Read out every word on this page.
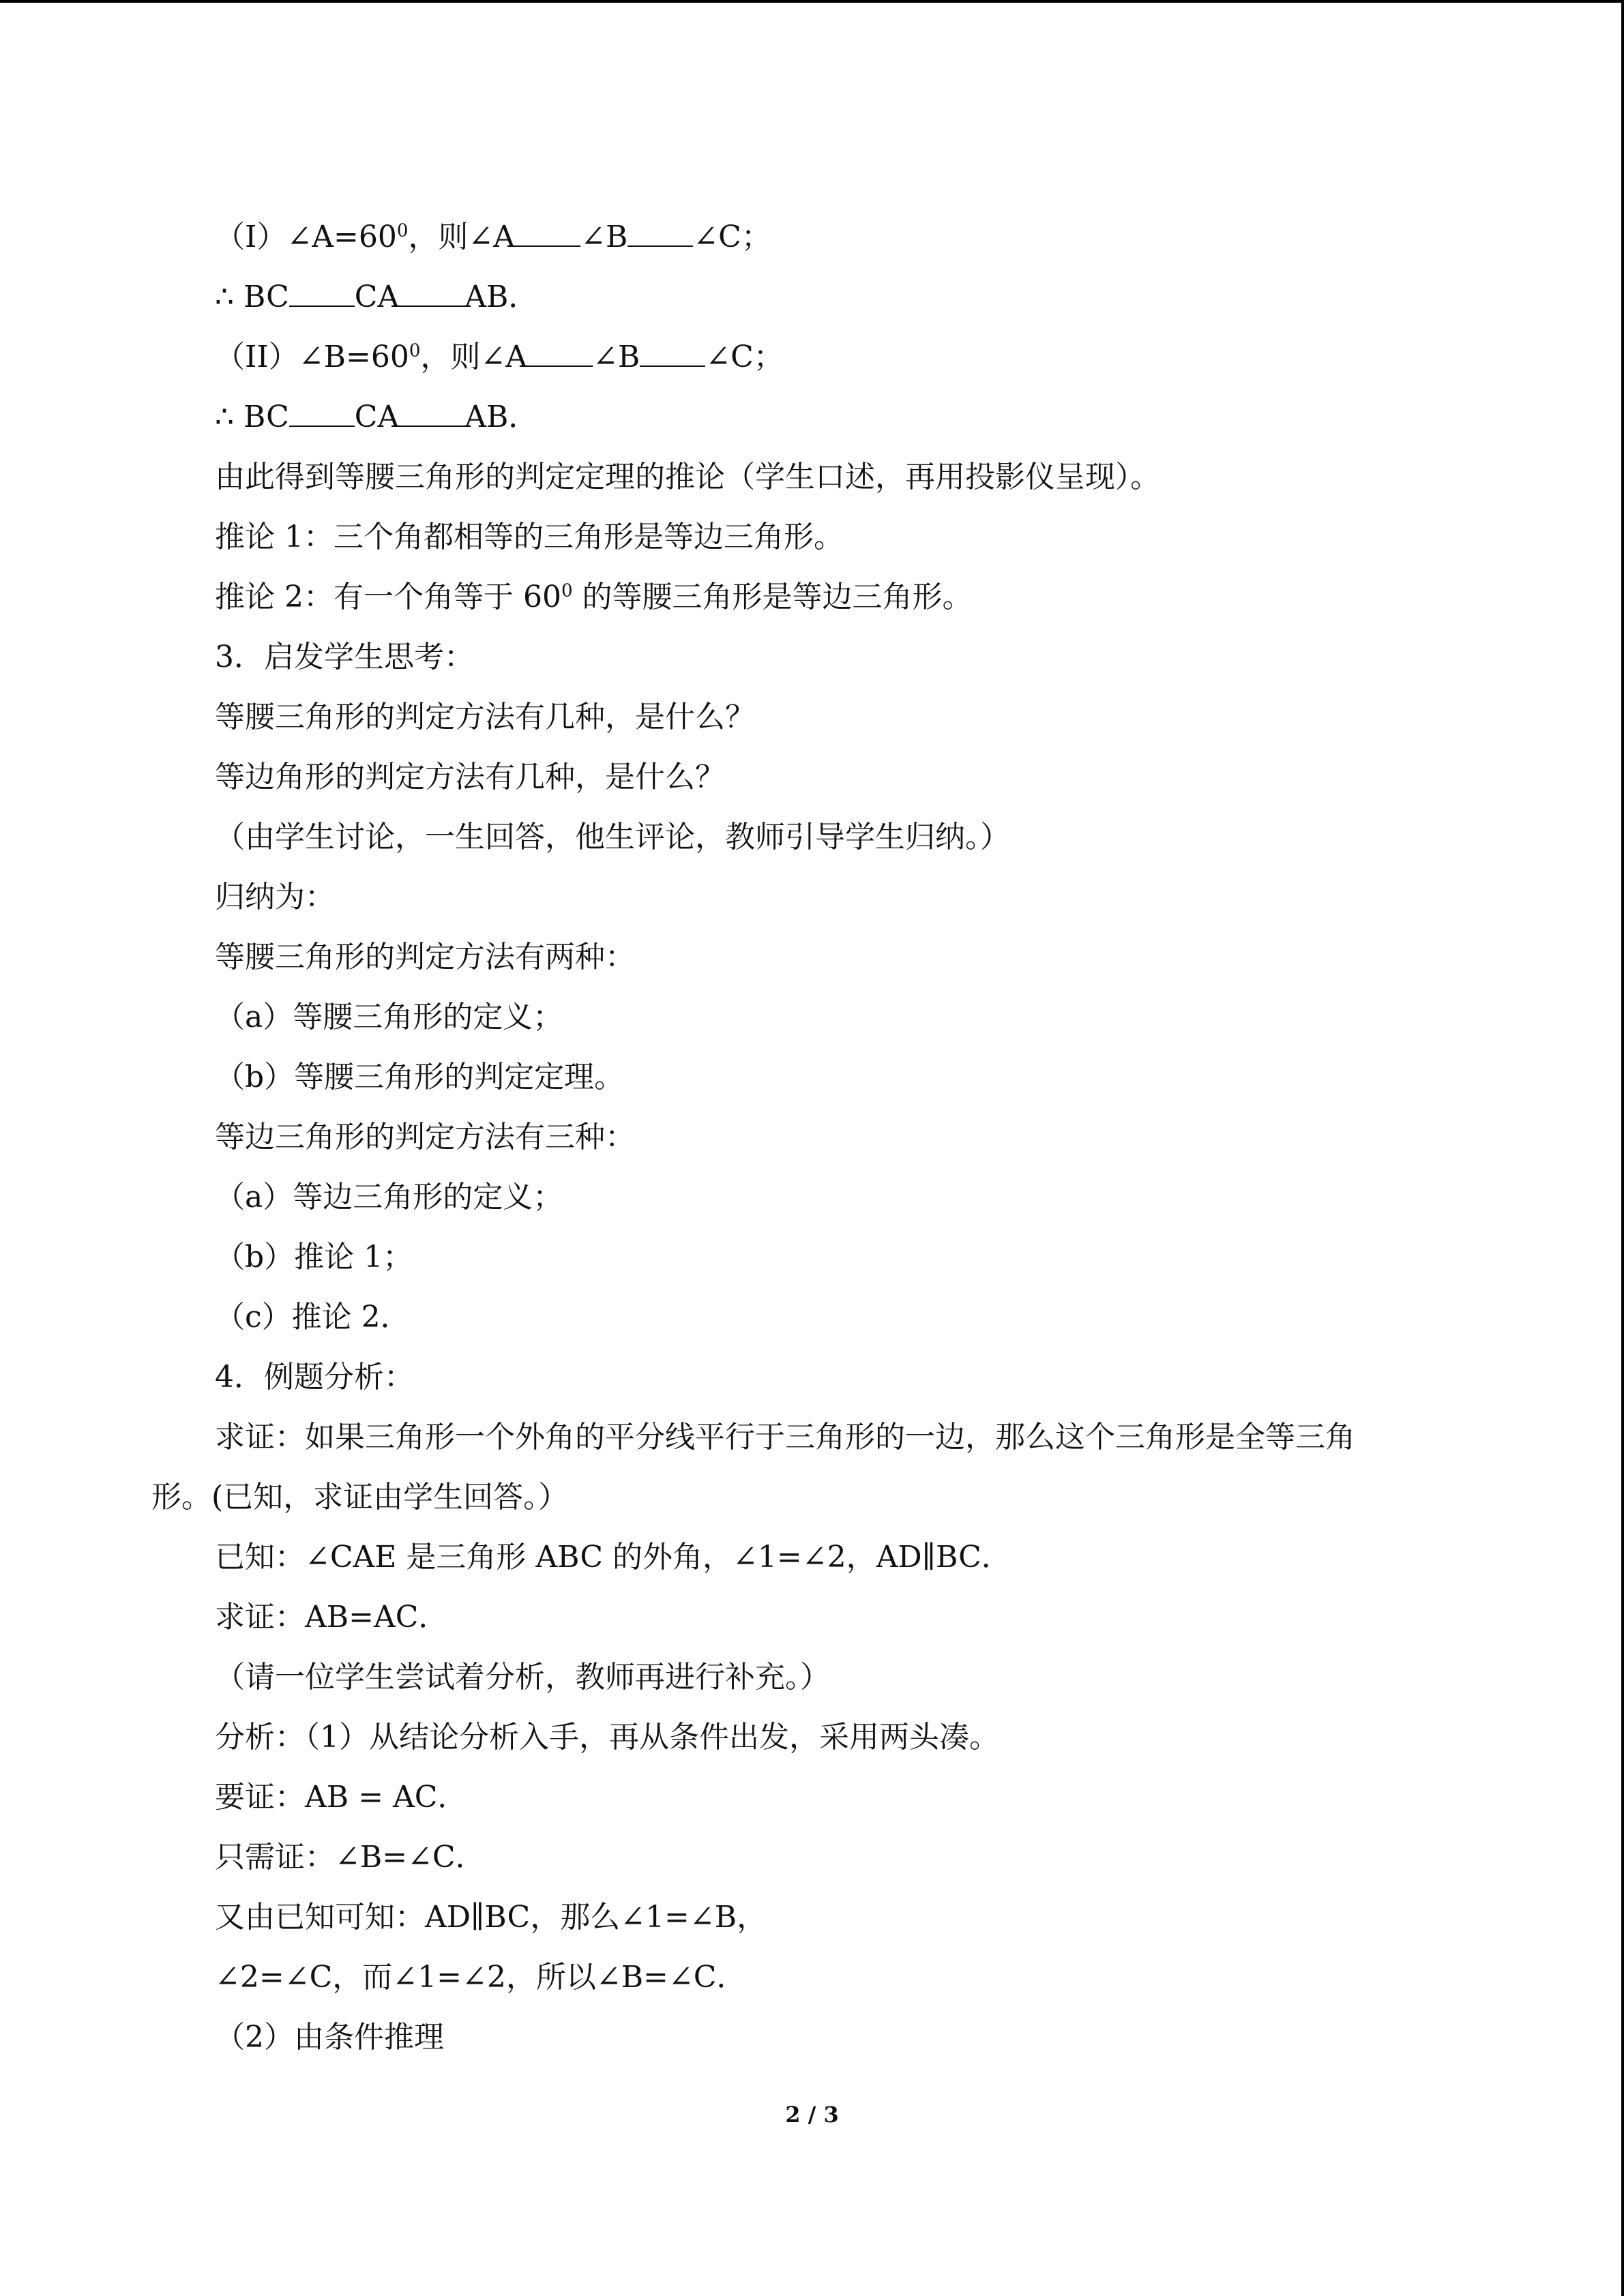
$(I)\angle A=60^0$，则∠A ∠B ∠C；
∴ BC CA AB．
$(II)\angle B=60^0$，则∠A ∠B ∠C；
∴ BC CA AB．
由此得到等腰三角形的判定定理的推论（学生口述，再用投影仪呈现）。
推论 1：三个角都相等的三角形是等边三角形。
推论 2：有一个角等于 $60^0$ 的等腰三角形是等边三角形。
3．启发学生思考：
等腰三角形的判定方法有几种，是什么？
等边角形的判定方法有几种，是什么？
（由学生讨论，一生回答，他生评论，教师引导学生归纳。）
归纳为：
等腰三角形的判定方法有两种：
（a）等腰三角形的定义；
（b）等腰三角形的判定定理。
等边三角形的判定方法有三种：
（a）等边三角形的定义；
（b）推论 1；
（c）推论 2．
4．例题分析：
求证：如果三角形一个外角的平分线平行于三角形的一边，那么这个三角形是全等三角
形。(已知，求证由学生回答。）
已知：∠CAE 是三角形 ABC 的外角，∠1=∠2，AD∥BC．
求证：AB=AC．
（请一位学生尝试着分析，教师再进行补充。）
分析：（1）从结论分析入手，再从条件出发，采用两头凑。
要证：AB = AC．
只需证：∠B=∠C．
又由已知可知：AD∥BC，那么∠1=∠B，
∠2=∠C，而∠1=∠2，所以∠B=∠C．
（2）由条件推理
2 / 3
